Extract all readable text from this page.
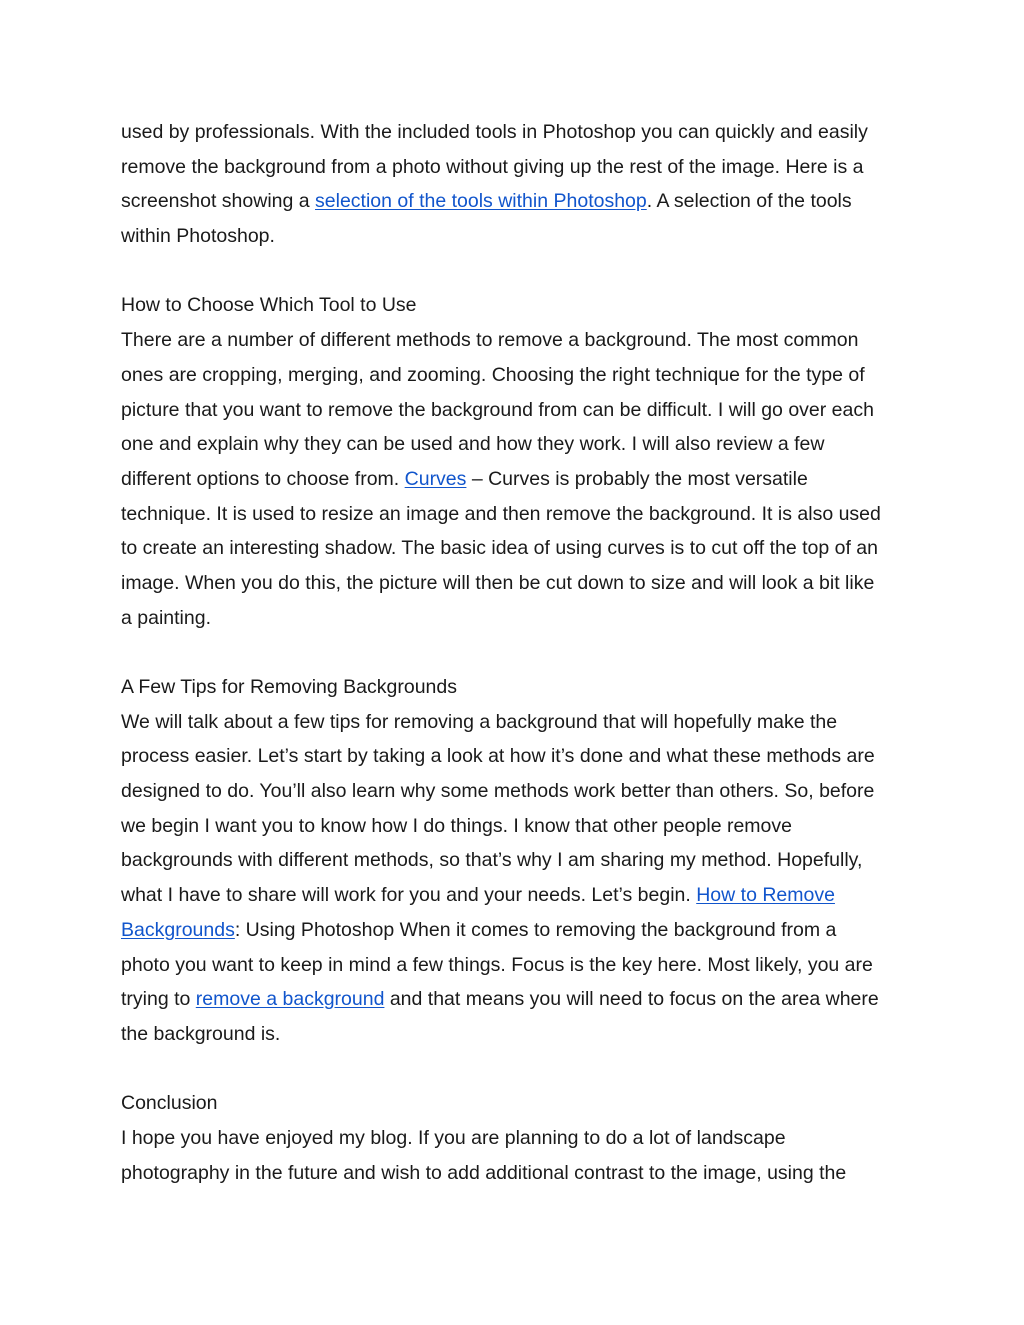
used by professionals. With the included tools in Photoshop you can quickly and easily
remove the background from a photo without giving up the rest of the image. Here is a
screenshot showing a selection of the tools within Photoshop. A selection of the tools
within Photoshop.
How to Choose Which Tool to Use
There are a number of different methods to remove a background. The most common
ones are cropping, merging, and zooming. Choosing the right technique for the type of
picture that you want to remove the background from can be difficult. I will go over each
one and explain why they can be used and how they work. I will also review a few
different options to choose from. Curves – Curves is probably the most versatile
technique. It is used to resize an image and then remove the background. It is also used
to create an interesting shadow. The basic idea of using curves is to cut off the top of an
image. When you do this, the picture will then be cut down to size and will look a bit like
a painting.
A Few Tips for Removing Backgrounds
We will talk about a few tips for removing a background that will hopefully make the
process easier. Let’s start by taking a look at how it’s done and what these methods are
designed to do. You’ll also learn why some methods work better than others. So, before
we begin I want you to know how I do things. I know that other people remove
backgrounds with different methods, so that’s why I am sharing my method. Hopefully,
what I have to share will work for you and your needs. Let’s begin. How to Remove
Backgrounds: Using Photoshop When it comes to removing the background from a
photo you want to keep in mind a few things. Focus is the key here. Most likely, you are
trying to remove a background and that means you will need to focus on the area where
the background is.
Conclusion
I hope you have enjoyed my blog. If you are planning to do a lot of landscape
photography in the future and wish to add additional contrast to the image, using the
